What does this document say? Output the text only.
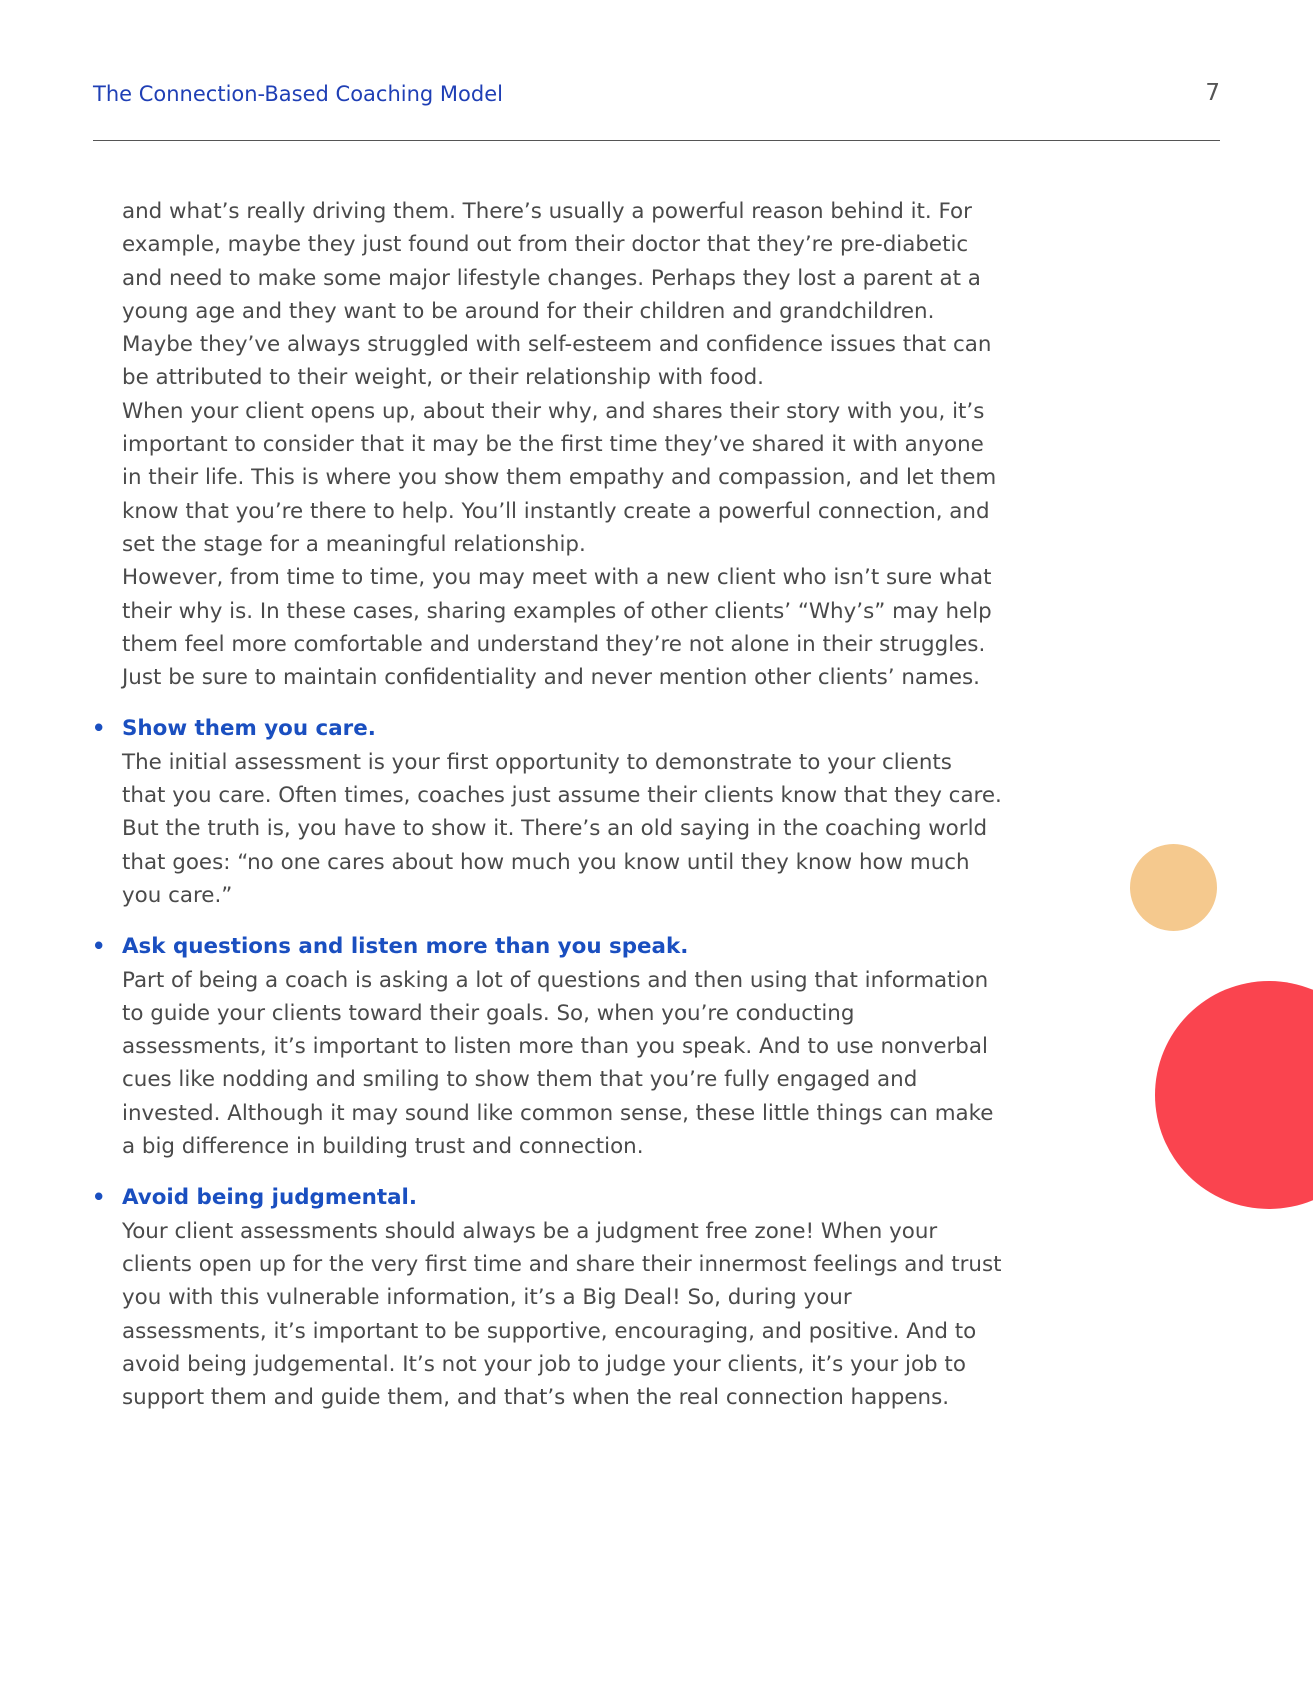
The Connection-Based Coaching Model	7

and what’s really driving them. There’s usually a powerful reason behind it. For example, maybe they just found out from their doctor that they’re pre-diabetic and need to make some major lifestyle changes. Perhaps they lost a parent at a young age and they want to be around for their children and grandchildren. Maybe they’ve always struggled with self-esteem and confidence issues that can be attributed to their weight, or their relationship with food.

When your client opens up, about their why, and shares their story with you, it’s important to consider that it may be the first time they’ve shared it with anyone in their life. This is where you show them empathy and compassion, and let them know that you’re there to help. You’ll instantly create a powerful connection, and set the stage for a meaningful relationship.

However, from time to time, you may meet with a new client who isn’t sure what their why is. In these cases, sharing examples of other clients’ “Why’s” may help them feel more comfortable and understand they’re not alone in their struggles. Just be sure to maintain confidentiality and never mention other clients’ names.

• Show them you care.

The initial assessment is your first opportunity to demonstrate to your clients that you care. Often times, coaches just assume their clients know that they care. But the truth is, you have to show it. There’s an old saying in the coaching world that goes: “no one cares about how much you know until they know how much you care.”

• Ask questions and listen more than you speak.

Part of being a coach is asking a lot of questions and then using that information to guide your clients toward their goals. So, when you’re conducting assessments, it’s important to listen more than you speak. And to use nonverbal cues like nodding and smiling to show them that you’re fully engaged and invested. Although it may sound like common sense, these little things can make a big difference in building trust and connection.

• Avoid being judgmental.

Your client assessments should always be a judgment free zone! When your clients open up for the very first time and share their innermost feelings and trust you with this vulnerable information, it’s a Big Deal! So, during your assessments, it’s important to be supportive, encouraging, and positive. And to avoid being judgemental. It’s not your job to judge your clients, it’s your job to support them and guide them, and that’s when the real connection happens.
